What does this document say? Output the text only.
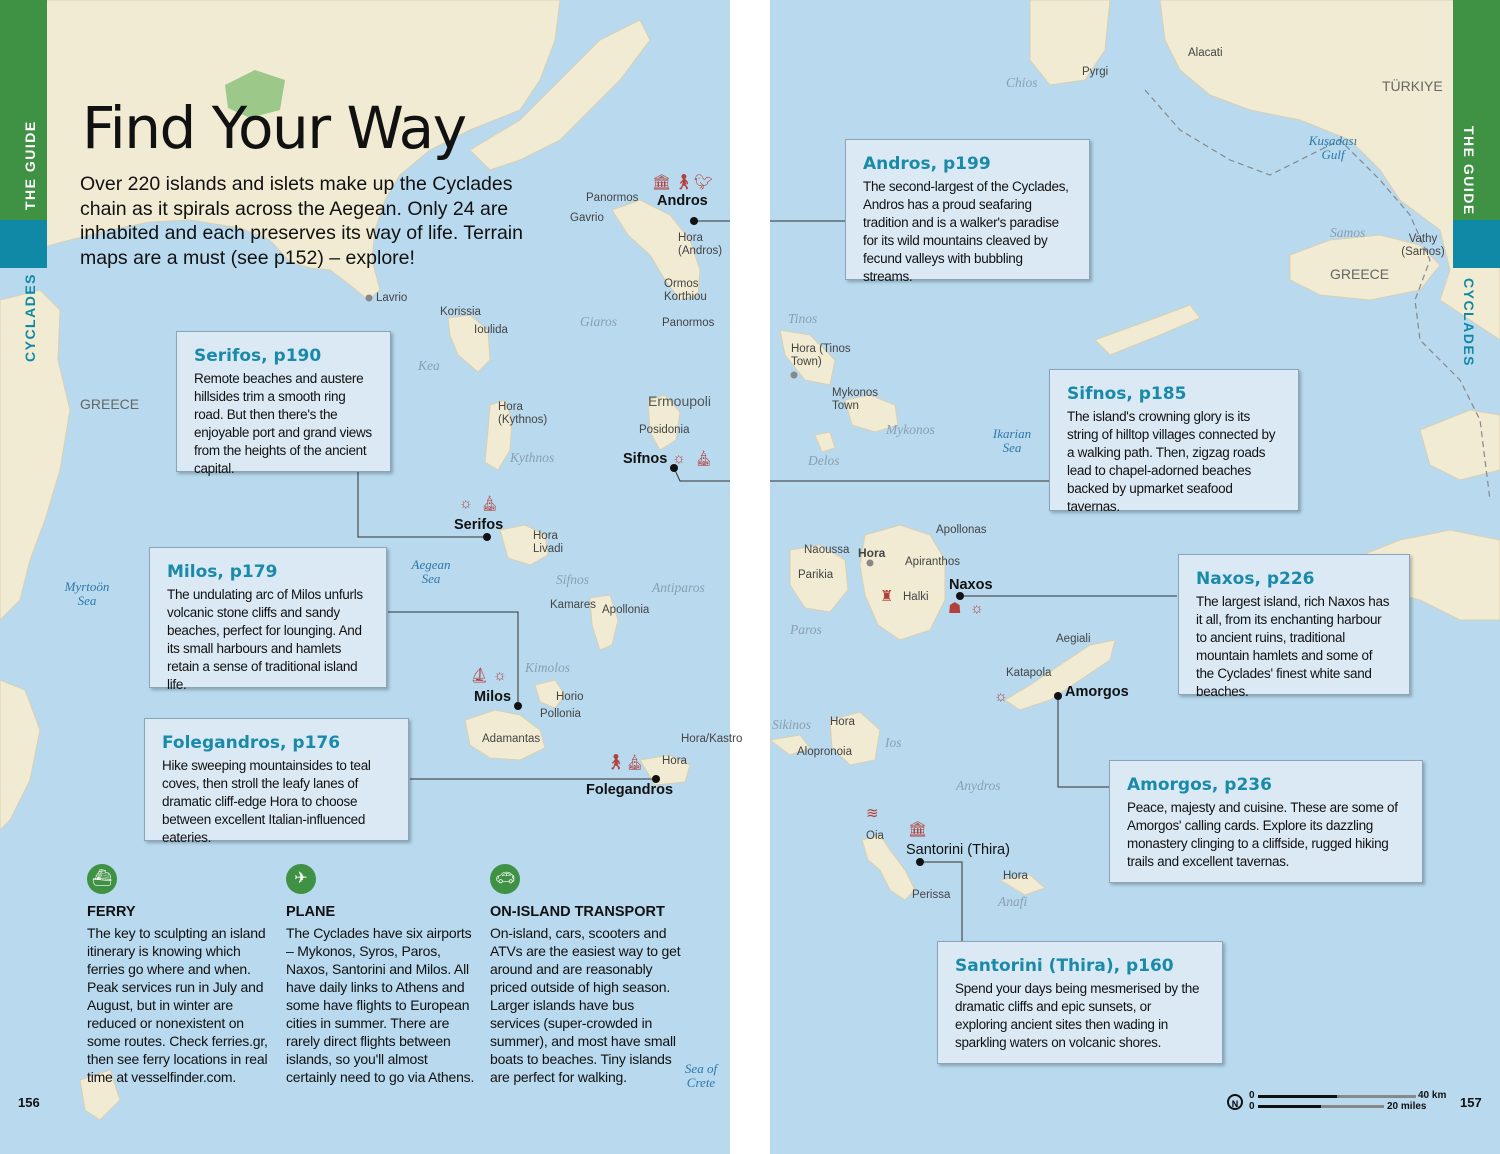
THE GUIDE
CYCLADES
THE GUIDE
CYCLADES
Find Your Way
Over 220 islands and islets make up the Cyclades chain as it spirals across the Aegean. Only 24 are inhabited and each preserves its way of life. Terrain maps are a must (see p152) – explore!
GREECE
GREECE
TÜRKIYE
Aegean Sea
Myrtoön Sea
Ikarian Sea
Sea of Crete
Kuşadası Gulf
Giaros
Kea
Kythnos
Sifnos
Antiparos
Kimolos
Tinos
Mykonos
Delos
Paros
Sikinos
Ios
Anydros
Anafi
Chios
Samos
Andros
Sifnos
Serifos
Milos
Folegandros
Naxos
Amorgos
Santorini (Thira)
Hora
Ermoupoli
Panormos
Gavrio
Hora (Andros)
Ormos Korthiou
Lavrio
Korissia
Ioulida
Panormos
Hora (Kythnos)
Posidonia
Hora Livadi
Kamares Apollonia
Horio
Pollonia
Adamantas	Hora/Kastro
Hora
Hora (Tinos Town)
Mykonos Town
Naoussa
Parikia
Apollonas
Apiranthos
Halki
Aegiali
Katapola
Hora
Alopronoia
Oia
Perissa
Hora
Pyrgi
Alacati
Vathy (Samos)
🏛︎ 🚶︎ 🐦︎
☼ ⛪︎
☼ ⛪︎
⛵︎ ☼
🚶︎ ⛪︎
♜
☗ ☼
☼
≋
🏛︎
Andros, p199

The second-largest of the Cyclades, Andros has a proud seafaring tradition and is a walker's paradise for its wild mountains cleaved by fecund valleys with bubbling streams.

Serifos, p190

Remote beaches and austere hillsides trim a smooth ring road. But then there's the enjoyable port and grand views from the heights of the ancient capital.

Sifnos, p185

The island's crowning glory is its string of hilltop villages connected by a walking path. Then, zigzag roads lead to chapel-adorned beaches backed by upmarket seafood tavernas.

Milos, p179

The undulating arc of Milos unfurls volcanic stone cliffs and sandy beaches, perfect for lounging. And its small harbours and hamlets retain a sense of traditional island life.

Naxos, p226

The largest island, rich Naxos has it all, from its enchanting harbour to ancient ruins, traditional mountain hamlets and some of the Cyclades' finest white sand beaches.

Folegandros, p176

Hike sweeping mountainsides to teal coves, then stroll the leafy lanes of dramatic cliff-edge Hora to choose between excellent Italian-influenced eateries.

Amorgos, p236

Peace, majesty and cuisine. These are some of Amorgos' calling cards. Explore its dazzling monastery clinging to a cliffside, rugged hiking trails and excellent tavernas.

Santorini (Thira), p160

Spend your days being mesmerised by the dramatic cliffs and epic sunsets, or exploring ancient sites then wading in sparkling waters on volcanic shores.

⛴︎
FERRY
The key to sculpting an island itinerary is knowing which ferries go where and when. Peak services run in July and August, but in winter are reduced or nonexistent on some routes. Check ferries.gr, then see ferry locations in real time at vesselfinder.com.
✈︎
PLANE
The Cyclades have six airports – Mykonos, Syros, Paros, Naxos, Santorini and Milos. All have daily links to Athens and some have flights to European cities in summer. There are rarely direct flights between islands, so you'll almost certainly need to go via Athens.
🚗︎
ON-ISLAND TRANSPORT
On-island, cars, scooters and ATVs are the easiest way to get around and are reasonably priced outside of high season. Larger islands have bus services (super-crowded in summer), and most have small boats to beaches. Tiny islands are perfect for walking.
156	157
N
0
0
40 km
20 miles
